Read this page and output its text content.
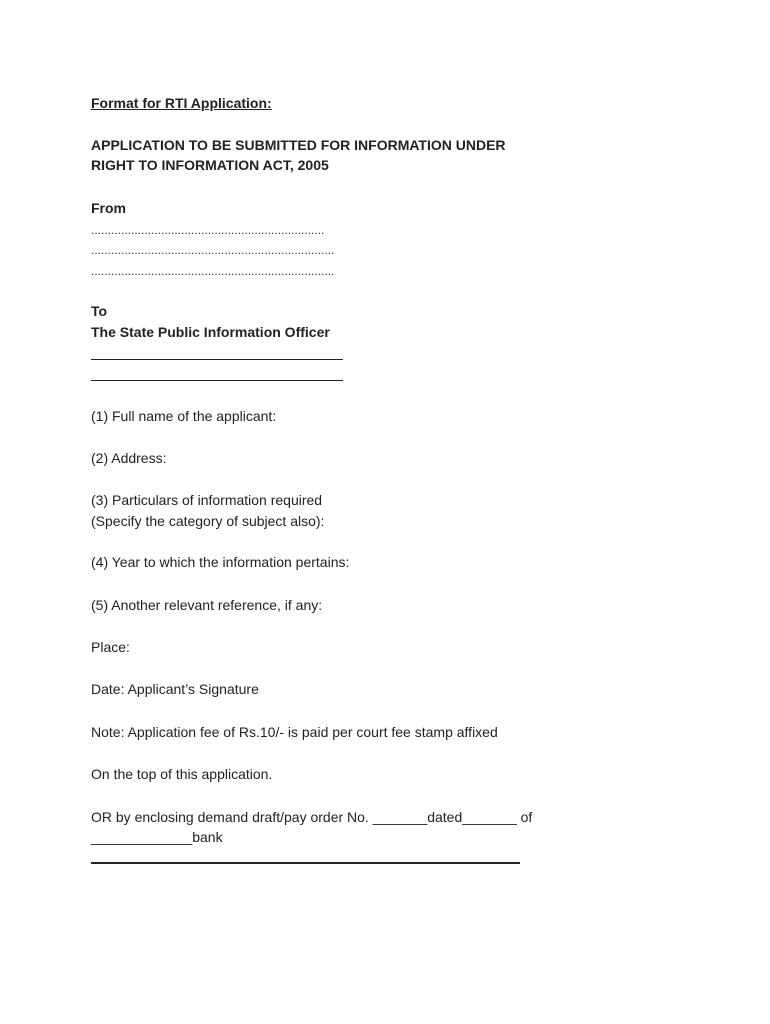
Format for RTI Application:
APPLICATION TO BE SUBMITTED FOR INFORMATION UNDER
RIGHT TO INFORMATION ACT, 2005
From
......................................................................
.........................................................................
.........................................................................
To
The State Public Information Officer
(1) Full name of the applicant:
(2) Address:
(3) Particulars of information required
(Specify the category of subject also):
(4) Year to which the information pertains:
(5) Another relevant reference, if any:
Place:
Date: Applicant’s Signature
Note: Application fee of Rs.10/- is paid per court fee stamp affixed
On the top of this application.
OR by enclosing demand draft/pay order No. _______dated_______ of
_____________bank
